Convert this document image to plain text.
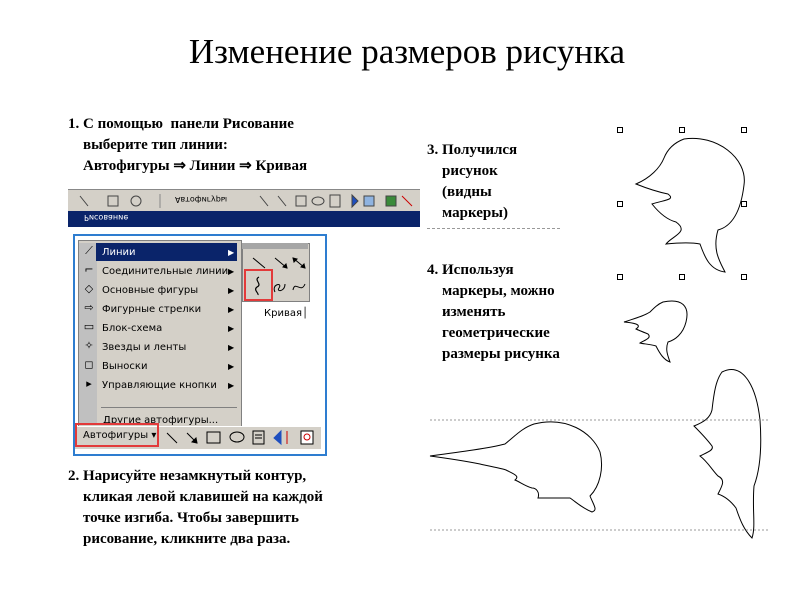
Изменение размеров рисунка
1. С помощью  панели Рисование
выберите тип линии:
Автофигуры ⇒ Линии ⇒ Кривая
2. Нарисуйте незамкнутый контур,
кликая левой клавишей на каждой
точке изгиба. Чтобы завершить
рисование, кликните два раза.
3. Получился
рисунок
(видны
маркеры)
4. Используя
маркеры, можно
изменять
геометрические
размеры рисунка
Автофигуры
Рисование
Другие автофигуры...
⟋ Линии	▶
⌐ Соединительные линии ▶
◇ Основные фигуры	▶
⇨ Фигурные стрелки	▶
▭ Блок-схема	▶
✧ Звезды и ленты	▶
◻ Выноски	▶
▸	Управляющие кнопки ▶
Кривая│
Автофигуры ▾
